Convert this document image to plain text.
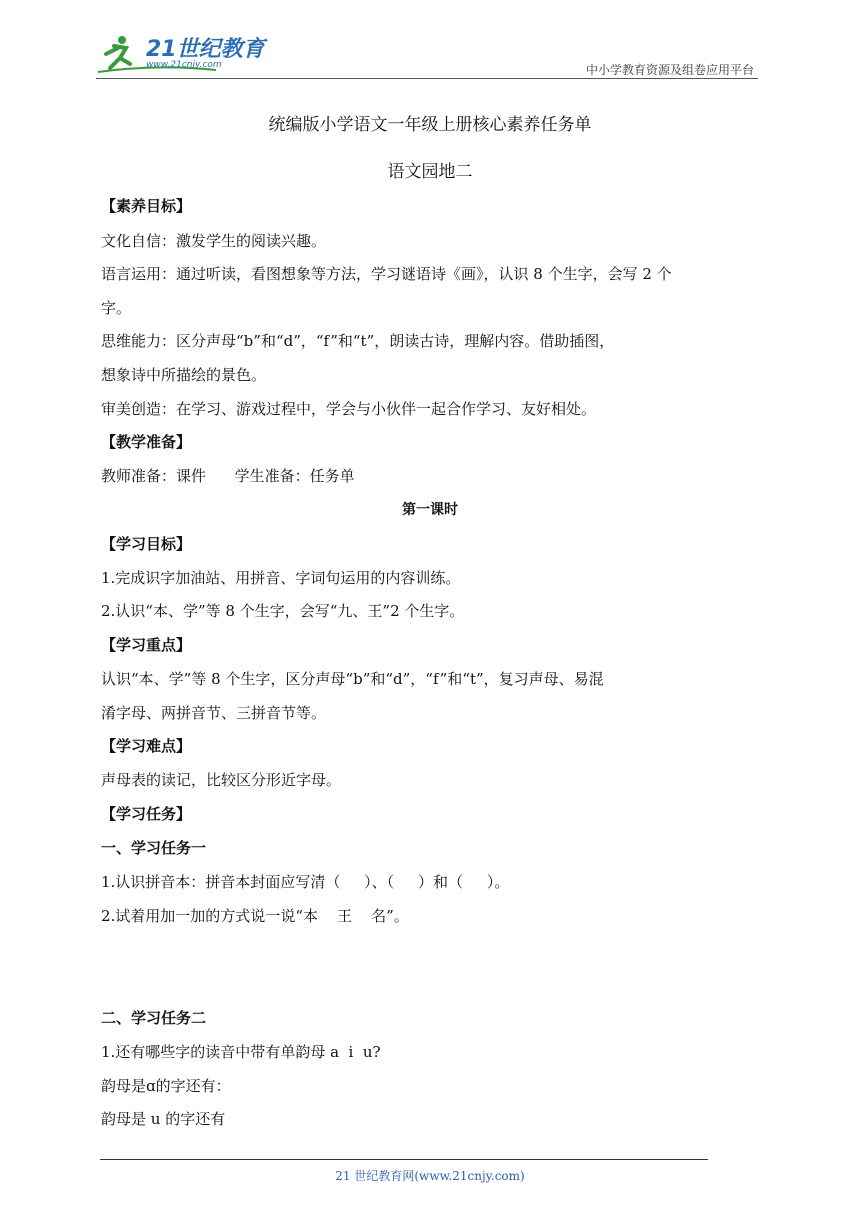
21世纪教育
www.21cnjy.com	中小学教育资源及组卷应用平台
统编版小学语文一年级上册核心素养任务单
语文园地二
【素养目标】
文化自信：激发学生的阅读兴趣。
语言运用：通过听读，看图想象等方法，学习谜语诗《画》，认识 8 个生字，会写 2 个
字。
思维能力：区分声母“b”和“d”，“f”和“t”，朗读古诗，理解内容。借助插图，
想象诗中所描绘的景色。
审美创造：在学习、游戏过程中，学会与小伙伴一起合作学习、友好相处。
【教学准备】
教师准备：课件      学生准备：任务单
第一课时
【学习目标】
1.完成识字加油站、用拼音、字词句运用的内容训练。
2.认识“本、学”等 8 个生字，会写“九、王”2 个生字。
【学习重点】
认识“本、学”等 8 个生字，区分声母“b”和“d”，“f”和“t”，复习声母、易混
淆字母、两拼音节、三拼音节等。
【学习难点】
声母表的读记，比较区分形近字母。
【学习任务】
一、学习任务一
1.认识拼音本：拼音本封面应写清（     ）、（     ）和（     ）。
2.试着用加一加的方式说一说“本    王    名”。
二、学习任务二
1.还有哪些字的读音中带有单韵母 a  i  u?
韵母是ɑ的字还有：
韵母是 u 的字还有
21 世纪教育网(www.21cnjy.com)
